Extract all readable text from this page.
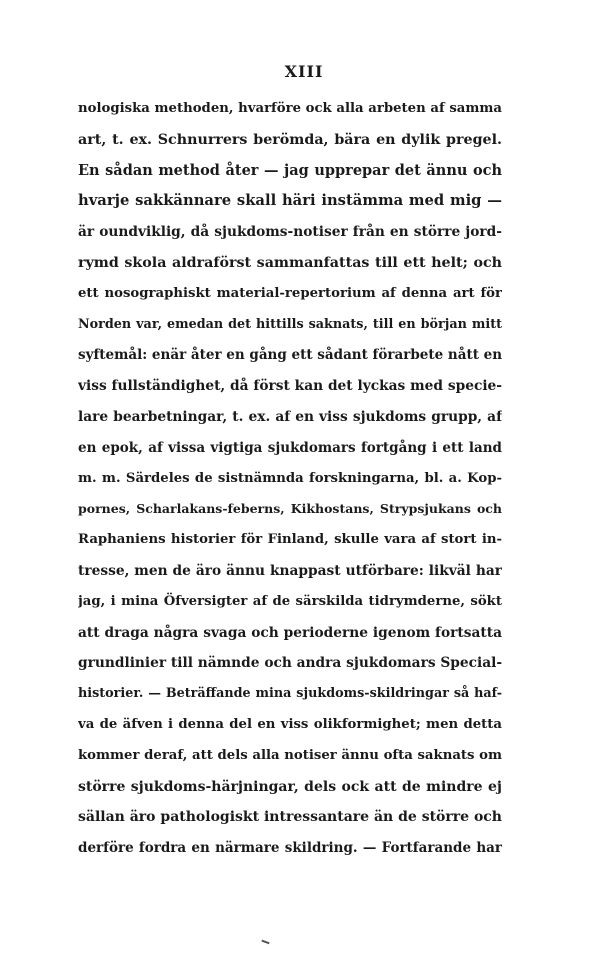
XIII
nologiska methoden, hvarföre ock alla arbeten af samma
art, t. ex. Schnurrers berömda, bära en dylik pregel.
En sådan method åter — jag upprepar det ännu och
hvarje sakkännare skall häri instämma med mig —
är oundviklig, då sjukdoms-notiser från en större jord-
rymd skola aldraförst sammanfattas till ett helt; och
ett nosographiskt material-repertorium af denna art för
Norden var, emedan det hittills saknats, till en början mitt
syftemål: enär åter en gång ett sådant förarbete nått en
viss fullständighet, då först kan det lyckas med specie-
lare bearbetningar, t. ex. af en viss sjukdoms grupp, af
en epok, af vissa vigtiga sjukdomars fortgång i ett land
m. m. Särdeles de sistnämnda forskningarna, bl. a. Kop-
pornes, Scharlakans-feberns, Kikhostans, Strypsjukans och
Raphaniens historier för Finland, skulle vara af stort in-
tresse, men de äro ännu knappast utförbare: likväl har
jag, i mina Öfversigter af de särskilda tidrymderne, sökt
att draga några svaga och perioderne igenom fortsatta
grundlinier till nämnde och andra sjukdomars Special-
historier. — Beträffande mina sjukdoms-skildringar så haf-
va de äfven i denna del en viss olikformighet; men detta
kommer deraf, att dels alla notiser ännu ofta saknats om
större sjukdoms-härjningar, dels ock att de mindre ej
sällan äro pathologiskt intressantare än de större och
derföre fordra en närmare skildring. — Fortfarande har
